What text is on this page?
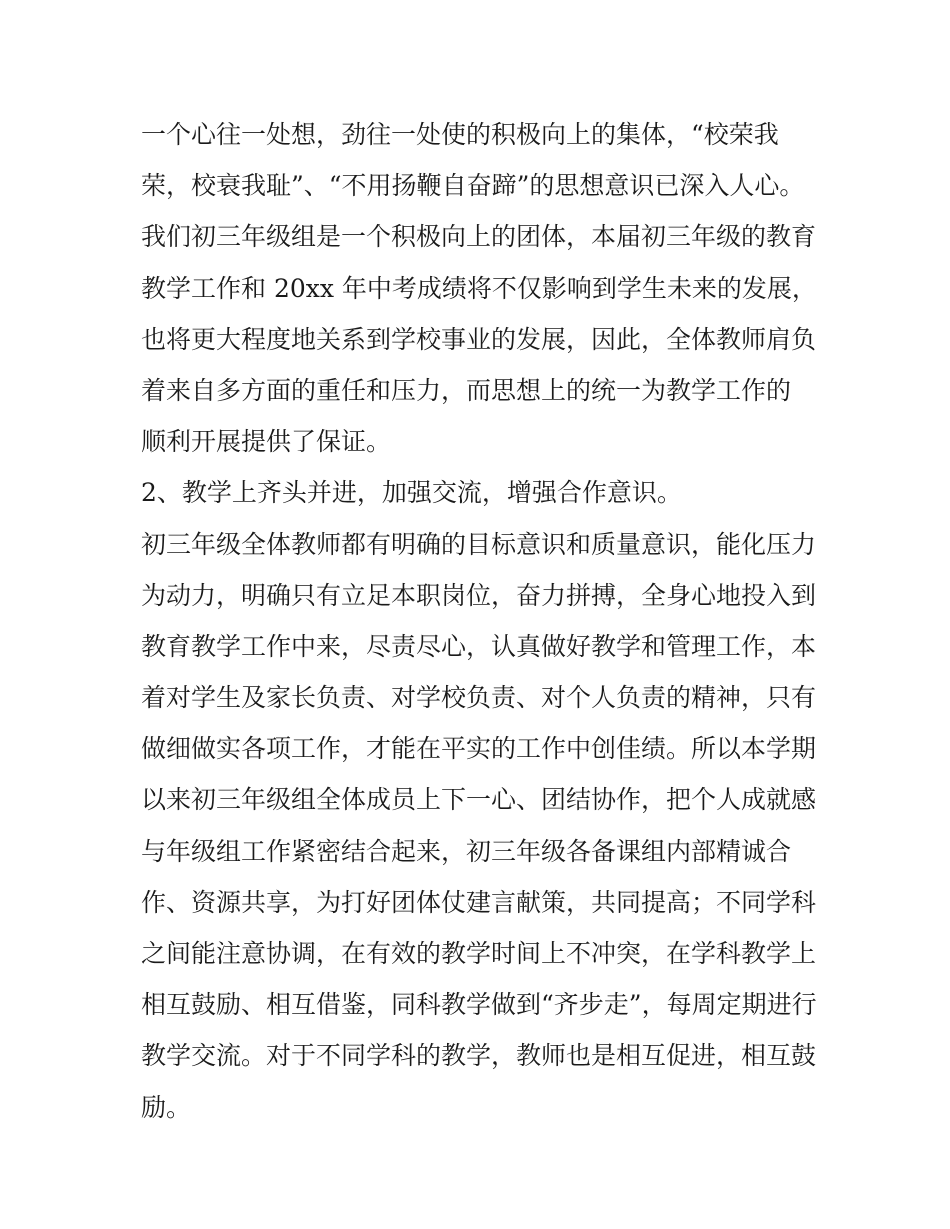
一个心往一处想，劲往一处使的积极向上的集体，“校荣我
荣，校衰我耻”、“不用扬鞭自奋蹄”的思想意识已深入人心。
我们初三年级组是一个积极向上的团体，本届初三年级的教育
教学工作和 20xx 年中考成绩将不仅影响到学生未来的发展，
也将更大程度地关系到学校事业的发展，因此，全体教师肩负
着来自多方面的重任和压力，而思想上的统一为教学工作的
顺利开展提供了保证。
2、教学上齐头并进，加强交流，增强合作意识。
初三年级全体教师都有明确的目标意识和质量意识，能化压力
为动力，明确只有立足本职岗位，奋力拼搏，全身心地投入到
教育教学工作中来，尽责尽心，认真做好教学和管理工作，本
着对学生及家长负责、对学校负责、对个人负责的精神，只有
做细做实各项工作，才能在平实的工作中创佳绩。所以本学期
以来初三年级组全体成员上下一心、团结协作，把个人成就感
与年级组工作紧密结合起来，初三年级各备课组内部精诚合
作、资源共享，为打好团体仗建言献策，共同提高；不同学科
之间能注意协调，在有效的教学时间上不冲突，在学科教学上
相互鼓励、相互借鉴，同科教学做到“齐步走”，每周定期进行
教学交流。对于不同学科的教学，教师也是相互促进，相互鼓
励。
